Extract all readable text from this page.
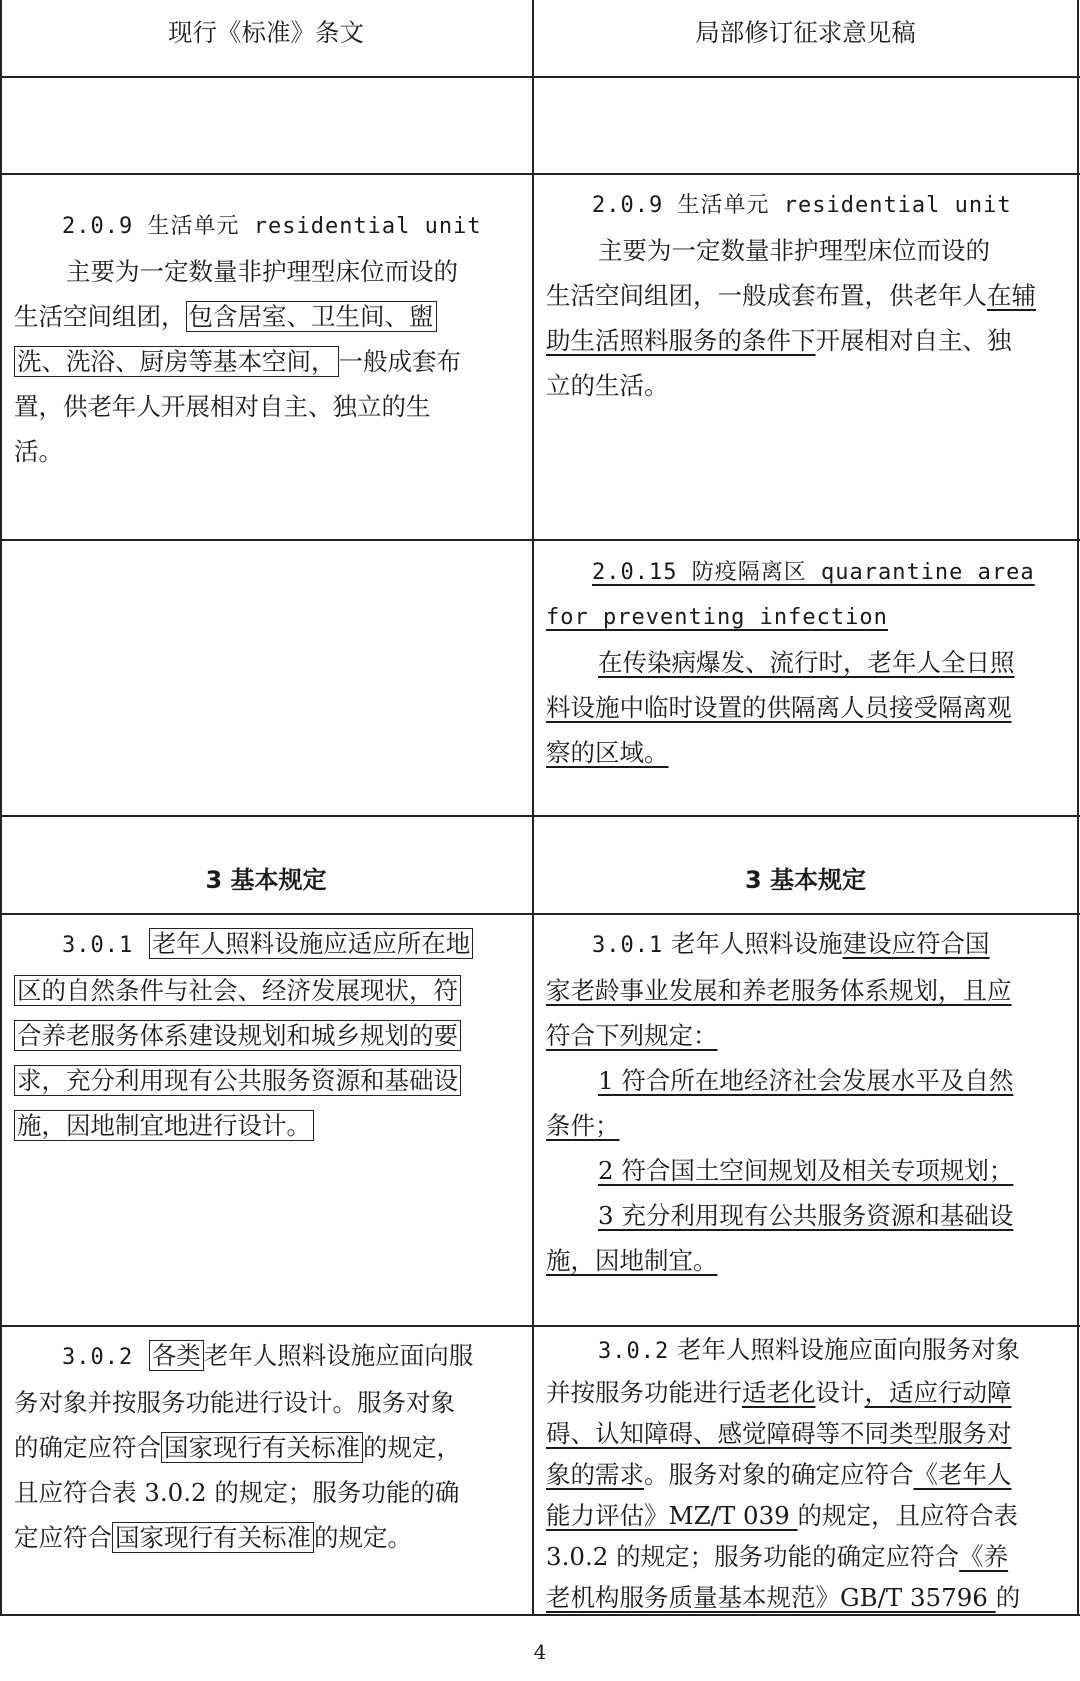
现行《标准》条文	局部修订征求意见稿
2.0.9 生活单元 residential unit
主要为一定数量非护理型床位而设的
生活空间组团， 包含居室、卫生间、盥
洗、洗浴、厨房等基本空间， 一般成套布
置，供老年人开展相对自主、独立的生
活。
2.0.9 生活单元 residential unit
主要为一定数量非护理型床位而设的
生活空间组团，一般成套布置，供老年人在辅
助生活照料服务的条件下开展相对自主、独
立的生活。
2.0.15 防疫隔离区 quarantine area
for preventing infection
在传染病爆发、流行时，老年人全日照
料设施中临时设置的供隔离人员接受隔离观
察的区域。
3 基本规定	3 基本规定
3.0.1 老年人照料设施应适应所在地
区的自然条件与社会、经济发展现状，符
合养老服务体系建设规划和城乡规划的要
求，充分利用现有公共服务资源和基础设
施，因地制宜地进行设计。
3.0.1 老年人照料设施建设应符合国
家老龄事业发展和养老服务体系规划，且应
符合下列规定：
1 符合所在地经济社会发展水平及自然
条件；
2 符合国土空间规划及相关专项规划；
3 充分利用现有公共服务资源和基础设
施，因地制宜。
3.0.2 各类 老年人照料设施应面向服
务对象并按服务功能进行设计。服务对象
的确定应符合 国家现行有关标准 的规定，
且应符合表 3.0.2 的规定；服务功能的确
定应符合 国家现行有关标准 的规定。
3.0.2 老年人照料设施应面向服务对象
并按服务功能进行适老化设计，适应行动障
碍、认知障碍、感觉障碍等不同类型服务对
象的需求。服务对象的确定应符合《老年人
能力评估》MZ/T 039 的规定，且应符合表
3.0.2 的规定；服务功能的确定应符合《养
老机构服务质量基本规范》GB/T 35796 的
4
